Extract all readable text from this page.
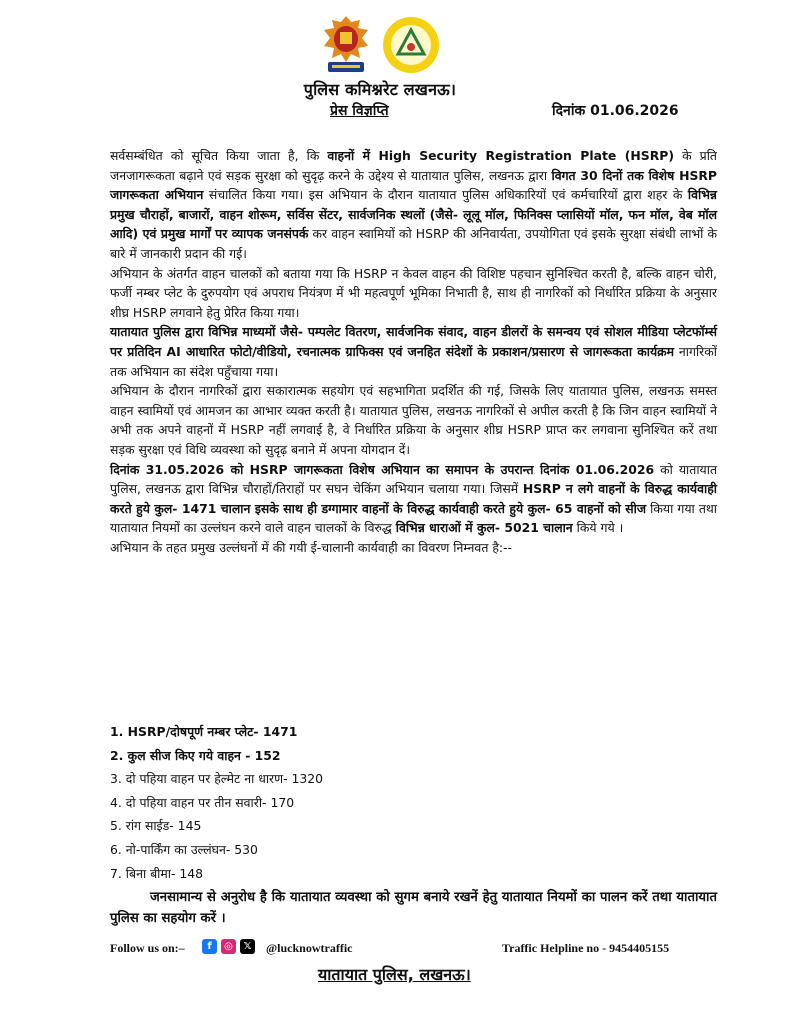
पुलिस कमिश्नरेट लखनऊ।
प्रेस विज्ञप्ति	दिनांक 01.06.2026

सर्वसम्बंधित को सूचित किया जाता है, कि वाहनों में High Security Registration Plate (HSRP) के प्रति जनजागरूकता बढ़ाने एवं सड़क सुरक्षा को सुदृढ़ करने के उद्देश्य से यातायात पुलिस, लखनऊ द्वारा विगत 30 दिनों तक विशेष HSRP जागरूकता अभियान संचालित किया गया। इस अभियान के दौरान यातायात पुलिस अधिकारियों एवं कर्मचारियों द्वारा शहर के विभिन्न प्रमुख चौराहों, बाजारों, वाहन शोरूम, सर्विस सेंटर, सार्वजनिक स्थलों (जैसे- लूलू मॉल, फिनिक्स प्लासियों मॉल, फन मॉल, वेब मॉल आदि) एवं प्रमुख मार्गों पर व्यापक जनसंपर्क कर वाहन स्वामियों को HSRP की अनिवार्यता, उपयोगिता एवं इसके सुरक्षा संबंधी लाभों के बारे में जानकारी प्रदान की गई।

अभियान के अंतर्गत वाहन चालकों को बताया गया कि HSRP न केवल वाहन की विशिष्ट पहचान सुनिश्चित करती है, बल्कि वाहन चोरी, फर्जी नम्बर प्लेट के दुरुपयोग एवं अपराध नियंत्रण में भी महत्वपूर्ण भूमिका निभाती है, साथ ही नागरिकों को निर्धारित प्रक्रिया के अनुसार शीघ्र HSRP लगवाने हेतु प्रेरित किया गया।

यातायात पुलिस द्वारा विभिन्न माध्यमों जैसे- पम्पलेट वितरण, सार्वजनिक संवाद, वाहन डीलरों के समन्वय एवं सोशल मीडिया प्लेटफॉर्म्स पर प्रतिदिन AI आधारित फोटो/वीडियो, रचनात्मक ग्राफिक्स एवं जनहित संदेशों के प्रकाशन/प्रसारण से जागरूकता कार्यक्रम नागरिकों तक अभियान का संदेश पहुँचाया गया।

अभियान के दौरान नागरिकों द्वारा सकारात्मक सहयोग एवं सहभागिता प्रदर्शित की गई, जिसके लिए यातायात पुलिस, लखनऊ समस्त वाहन स्वामियों एवं आमजन का आभार व्यक्त करती है। यातायात पुलिस, लखनऊ नागरिकों से अपील करती है कि जिन वाहन स्वामियों ने अभी तक अपने वाहनों में HSRP नहीं लगवाई है, वे निर्धारित प्रक्रिया के अनुसार शीघ्र HSRP प्राप्त कर लगवाना सुनिश्चित करें तथा सड़क सुरक्षा एवं विधि व्यवस्था को सुदृढ़ बनाने में अपना योगदान दें।

दिनांक 31.05.2026 को HSRP जागरूकता विशेष अभियान का समापन के उपरान्त दिनांक 01.06.2026 को यातायात पुलिस, लखनऊ द्वारा विभिन्न चौराहों/तिराहों पर सघन चेकिंग अभियान चलाया गया। जिसमें HSRP न लगे वाहनों के विरुद्ध कार्यवाही करते हुये कुल- 1471 चालान इसके साथ ही डग्गामार वाहनों के विरुद्ध कार्यवाही करते हुये कुल- 65 वाहनों को सीज किया गया तथा यातायात नियमों का उल्लंघन करने वाले वाहन चालकों के विरुद्ध विभिन्न धाराओं में कुल- 5021 चालान किये गये ।

अभियान के तहत प्रमुख उल्लंघनों में की गयी ई-चालानी कार्यवाही का विवरण निम्नवत है:--

1. HSRP/दोषपूर्ण नम्बर प्लेट- 1471
2. कुल सीज किए गये वाहन - 152
3. दो पहिया वाहन पर हेल्मेट ना धारण- 1320
4. दो पहिया वाहन पर तीन सवारी- 170
5. रांग साईड- 145
6. नो-पार्किंग का उल्लंघन- 530
7. बिना बीमा- 148

जनसामान्य से अनुरोध है कि यातायात व्यवस्था को सुगम बनाये रखनें हेतु यातायात नियमों का पालन करें तथा यातायात पुलिस का सहयोग करें ।

Follow us on:–	f ◎ 𝕏	@lucknowtraffic	Traffic Helpline no - 9454405155
यातायात पुलिस, लखनऊ।
